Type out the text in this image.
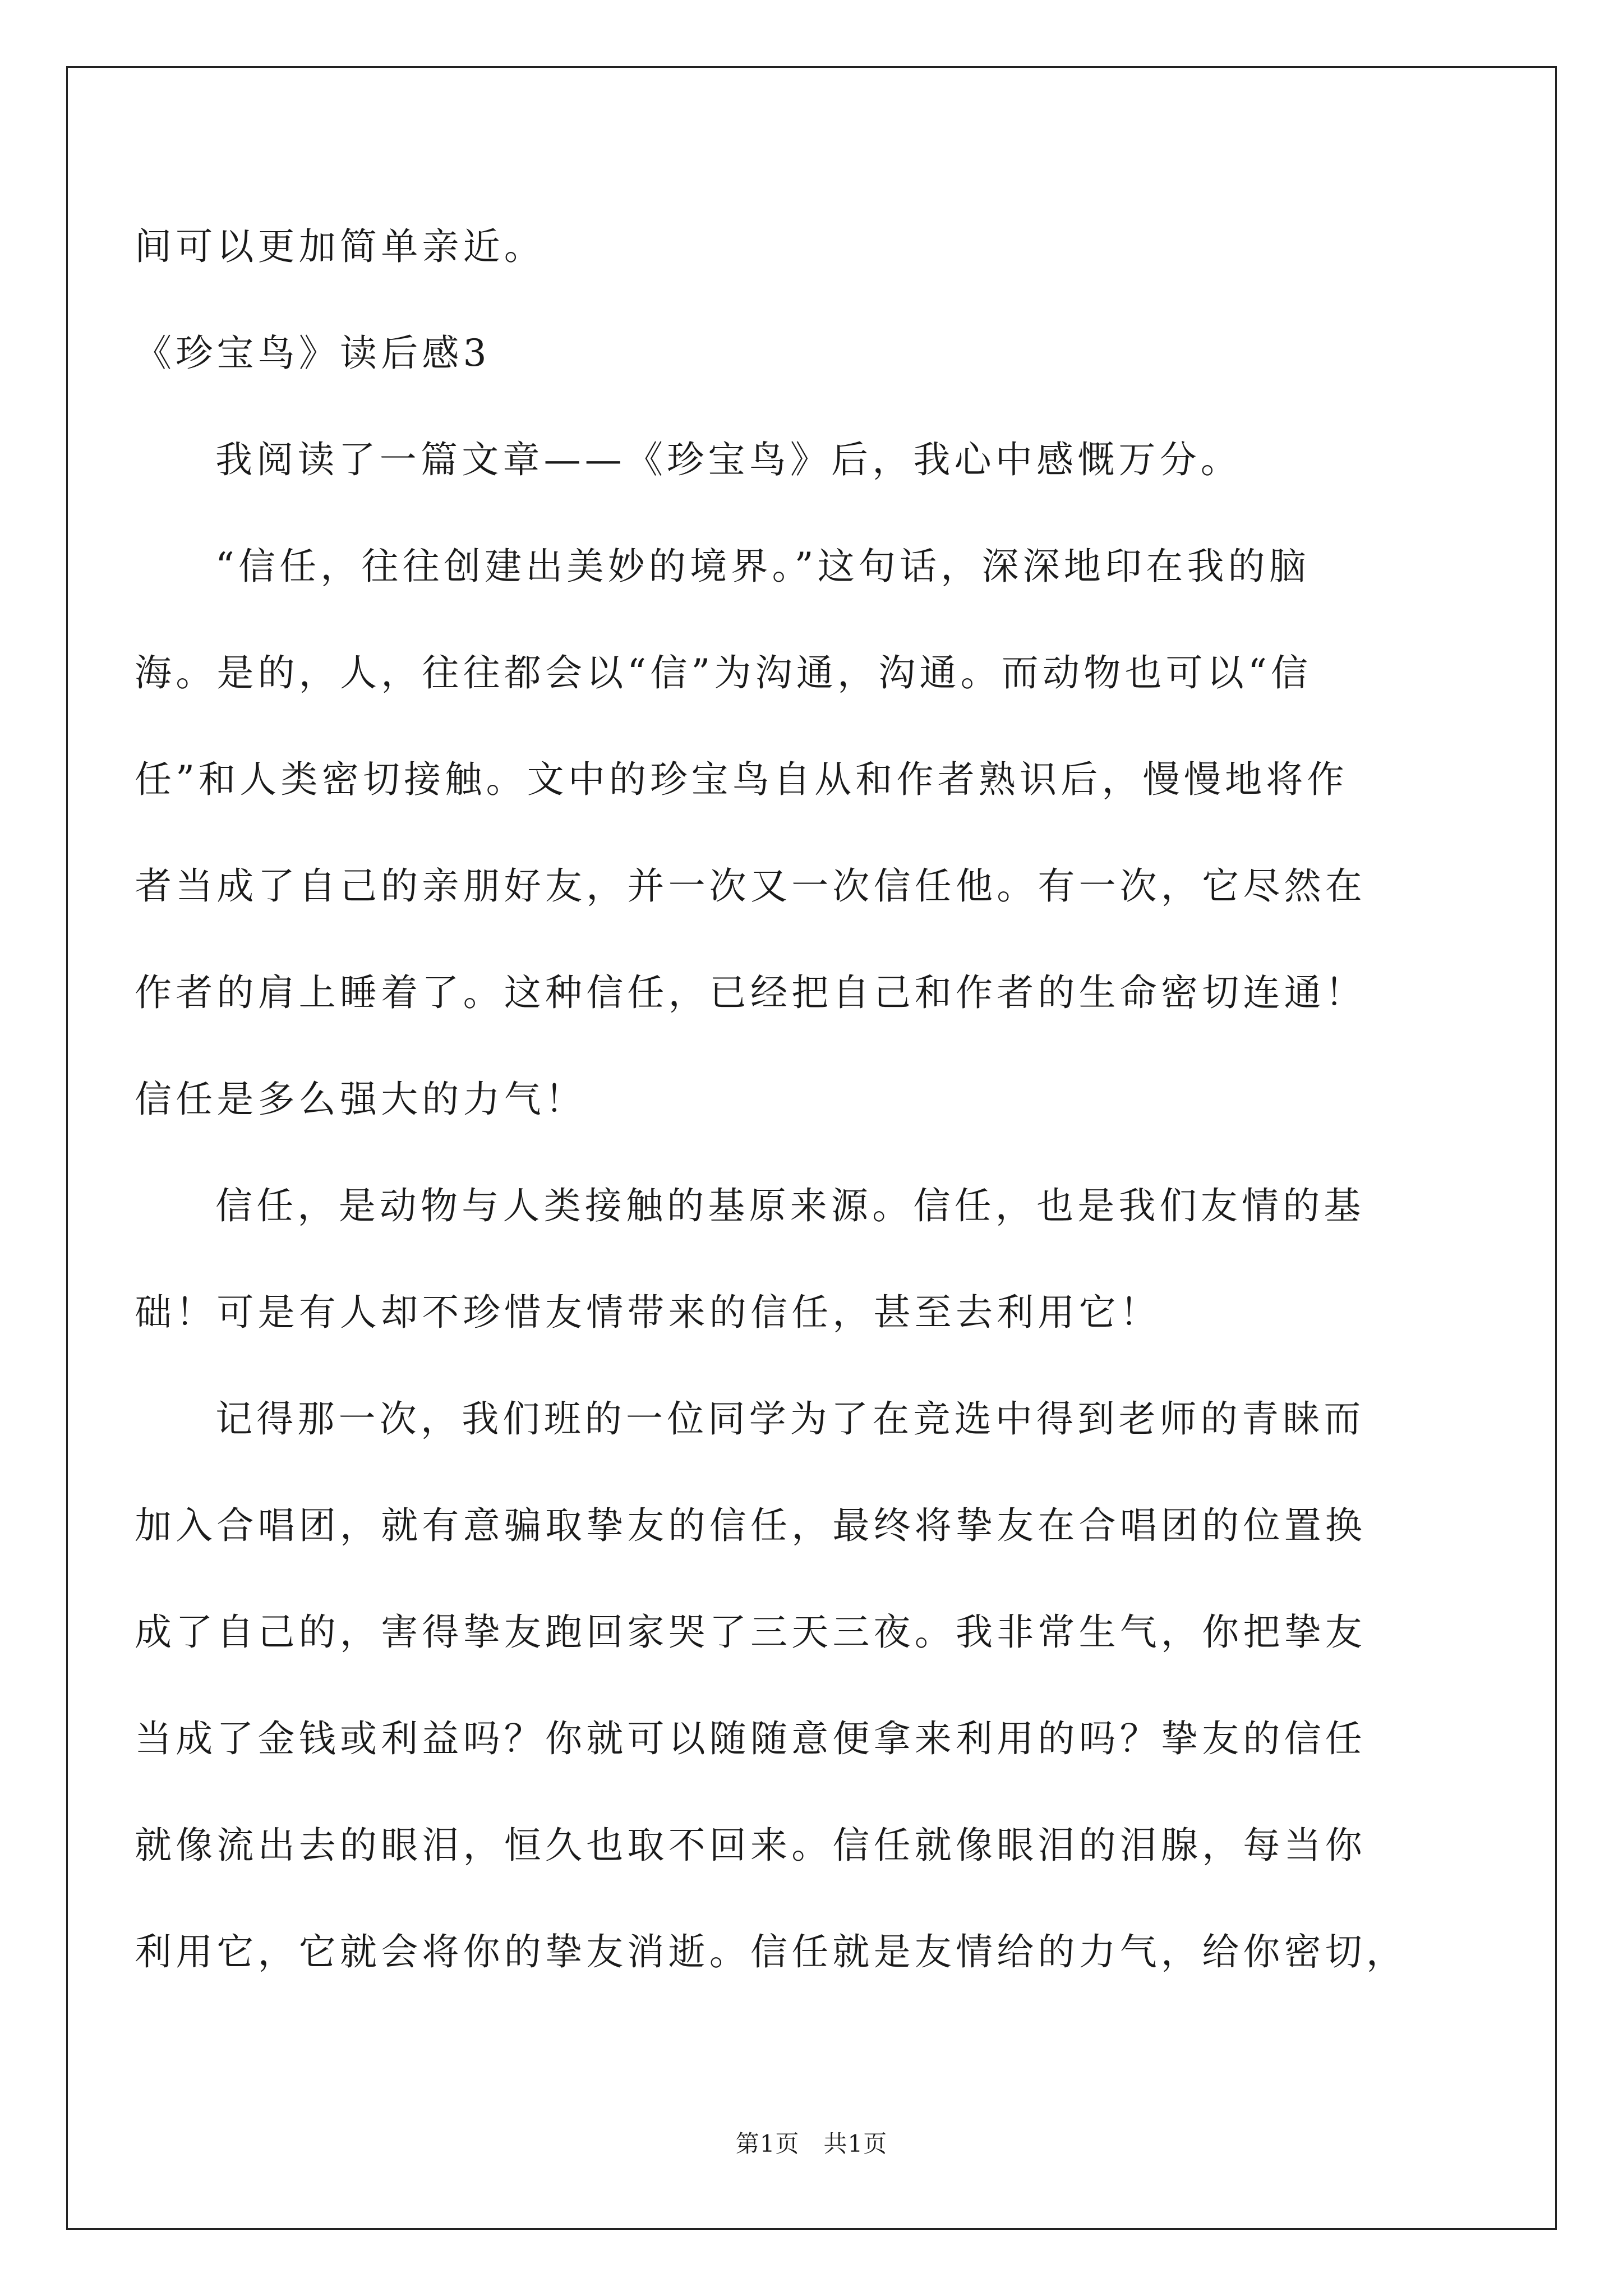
间可以更加简单亲近。
《珍宝鸟》读后感3
我阅读了一篇文章——《珍宝鸟》后，我心中感慨万分。
“信任，往往创建出美妙的境界。”这句话，深深地印在我的脑
海。是的，人，往往都会以“信”为沟通，沟通。而动物也可以“信
任”和人类密切接触。文中的珍宝鸟自从和作者熟识后，慢慢地将作
者当成了自己的亲朋好友，并一次又一次信任他。有一次，它尽然在
作者的肩上睡着了。这种信任，已经把自己和作者的生命密切连通！
信任是多么强大的力气！
信任，是动物与人类接触的基原来源。信任，也是我们友情的基
础！可是有人却不珍惜友情带来的信任，甚至去利用它！
记得那一次，我们班的一位同学为了在竞选中得到老师的青睐而
加入合唱团，就有意骗取挚友的信任，最终将挚友在合唱团的位置换
成了自己的，害得挚友跑回家哭了三天三夜。我非常生气，你把挚友
当成了金钱或利益吗？你就可以随随意便拿来利用的吗？挚友的信任
就像流出去的眼泪，恒久也取不回来。信任就像眼泪的泪腺，每当你
利用它，它就会将你的挚友消逝。信任就是友情给的力气，给你密切，
第1页　共1页
